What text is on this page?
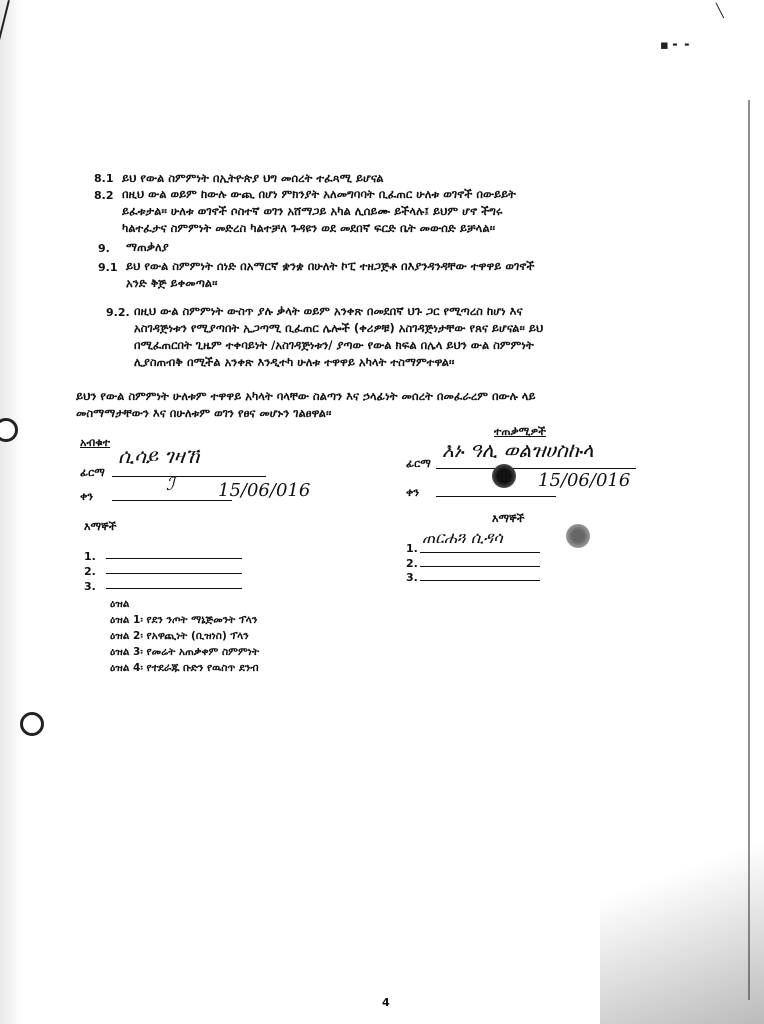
╲
▪ ╸ ╸
8.1 ይህ የውል ስምምነት በኢትዮጵያ ህግ መሰረት ተፈጻሚ ይሆናል
8.2 በዚህ ውል ወይም ከውሉ ውጪ በሆነ ምክንያት አለመግባባት ቢፈጠር ሁለቱ ወገኖች በውይይት
ይፈቱታል፡፡ ሁለቱ ወገኖች ሶስተኛ ወገን አሸማጋይ አካል ሊሰይሙ ይችላሉ፤ ይህም ሆኖ ችግሩ
ካልተፈታና ስምምነት መድረስ ካልተቻለ ጉዳዩን ወደ መደበኛ ፍርድ ቤት መውሰድ ይቻላል፡፡
9. ማጠቃለያ
9.1 ይህ የውል ስምምነት ሰነድ በአማርኛ ቋንቋ በሁለት ኮፒ ተዘጋጅቶ በእያንዳንዳቸው ተዋዋይ ወገኖች
አንድ ቅጅ ይቀመጣል፡፡
9.2. በዚህ ውል ስምምነት ውስጥ ያሉ ቃላት ወይም አንቀጽ በመደበኛ ህጉ ጋር የሚጣረስ ከሆነ እና
አስገዳጅነቱን የሚያጣበት ኢጋጣሚ ቢፈጠር ሌሎች (ቀሪዎቹ) አስገዳጅነታቸው የጸና ይሆናል፡፡ ይህ
በሚፈጠርበት ጊዜም ተቀባይነት /አስገዳጅነቱን/ ያጣው የውል ክፍል በሌላ ይህን ውል ስምምነት
ሊያስጠብቅ በሚችል አንቀጽ እንዲተካ ሁለቱ ተዋዋይ አካላት ተስማምተዋል፡፡
ይህን የውል ስምምነት ሁለቱም ተዋዋይ አካላት ባላቸው ስልጣን እና ኃላፊነት መሰረት በመፈራረም በውሉ ላይ
መስማማታቸውን እና በሁለቱም ወገን የፀና መሆኑን ገልፀዋል፡፡
አብቁተ
ፊርማ
ሲሳይ ገዛኸ
ቀን
ℐ 15/06/016
ተጠቃሚዎች
ፊርማ
እኑ ዓሊ ወልዝሀስኩላ
ቀን
15/06/016
እማኞች
1.
2.
3.
እማኞች
1.
ጠርሐጓ ሲዳሳ
2.
3.
ዕዝል
ዕዝል 1፡ የደን ንጦት ማኔጅመንት ፕላን
ዕዝል 2፡ የአዋጪነት (ቢዝነስ) ፕላን
ዕዝል 3፡ የመሬት አጠቃቀም ስምምነት
ዕዝል 4፡ የተደራጁ ቡድን የዉስጥ ደንብ
4
